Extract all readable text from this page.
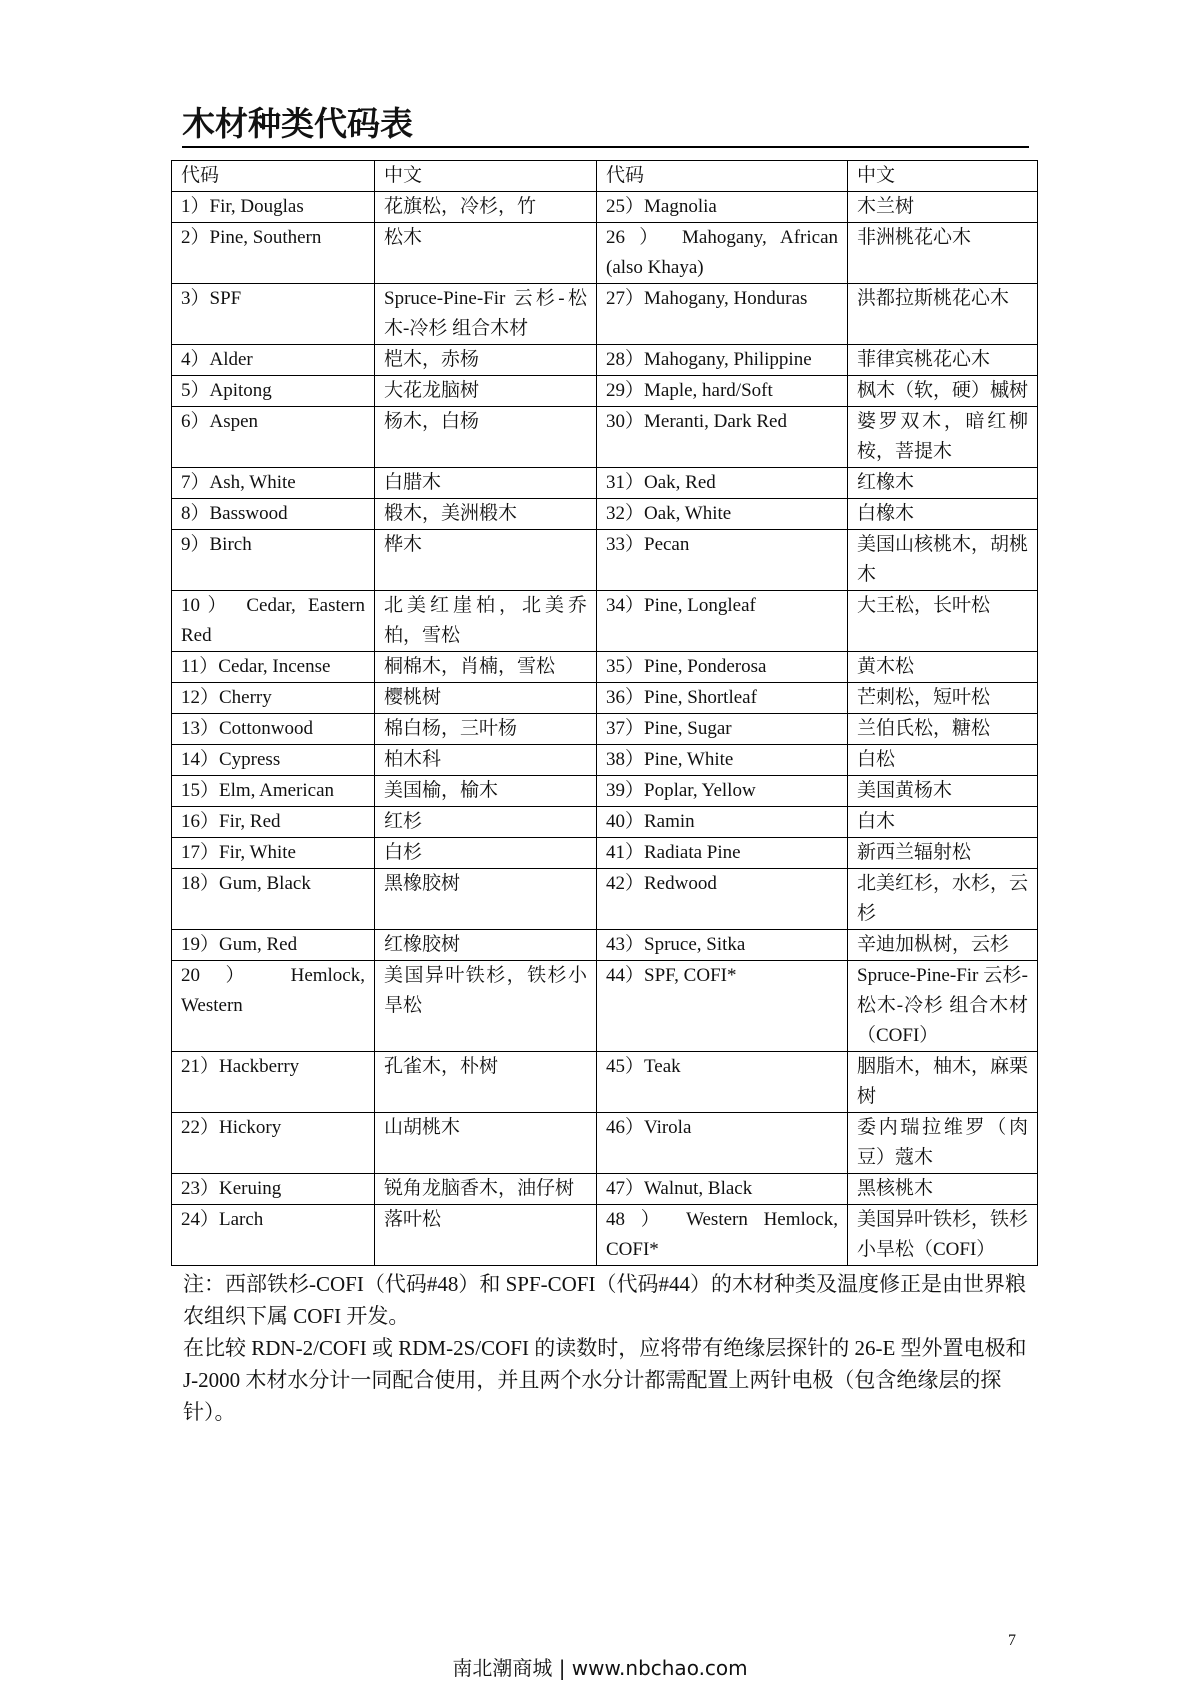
木材种类代码表
代码	中文	代码	中文
1）Fir, Douglas	花旗松，冷杉，竹	25）Magnolia	木兰树
2）Pine, Southern	松木	26 ） Mahogany, African (also Khaya)	非洲桃花心木
3）SPF	Spruce-Pine-Fir 云杉-松木-冷杉 组合木材	27）Mahogany, Honduras	洪都拉斯桃花心木
4）Alder	桤木，赤杨	28）Mahogany, Philippine	菲律宾桃花心木
5）Apitong	大花龙脑树	29）Maple, hard/Soft	枫木（软，硬）槭树
6）Aspen	杨木，白杨	30）Meranti, Dark Red	婆罗双木，暗红柳桉，菩提木
7）Ash, White	白腊木	31）Oak, Red	红橡木
8）Basswood	椴木，美洲椴木	32）Oak, White	白橡木
9）Birch	桦木	33）Pecan	美国山核桃木，胡桃木
10） Cedar, Eastern Red	北美红崖柏，北美乔柏，雪松	34）Pine, Longleaf	大王松，长叶松
11）Cedar, Incense	桐棉木，肖楠，雪松	35）Pine, Ponderosa	黄木松
12）Cherry	樱桃树	36）Pine, Shortleaf	芒刺松，短叶松
13）Cottonwood	棉白杨，三叶杨	37）Pine, Sugar	兰伯氏松，糖松
14）Cypress	柏木科	38）Pine, White	白松
15）Elm, American	美国榆，榆木	39）Poplar, Yellow	美国黄杨木
16）Fir, Red	红杉	40）Ramin	白木
17）Fir, White	白杉	41）Radiata Pine	新西兰辐射松
18）Gum, Black	黑橡胶树	42）Redwood	北美红杉，水杉，云杉
19）Gum, Red	红橡胶树	43）Spruce, Sitka	辛迪加枞树，云杉
20 ） Hemlock, Western	美国异叶铁杉，铁杉小旱松	44）SPF, COFI*	Spruce-Pine-Fir 云杉-松木-冷杉 组合木材（COFI）
21）Hackberry	孔雀木，朴树	45）Teak	胭脂木，柚木，麻栗树
22）Hickory	山胡桃木	46）Virola	委内瑞拉维罗（肉豆）蔻木
23）Keruing	锐角龙脑香木，油仔树	47）Walnut, Black	黑核桃木
24）Larch	落叶松	48 ） Western Hemlock, COFI*	美国异叶铁杉，铁杉小旱松（COFI）
注：西部铁杉-COFI（代码#48）和 SPF-COFI（代码#44）的木材种类及温度修正是由世界粮农组织下属 COFI 开发。
在比较 RDN-2/COFI 或 RDM-2S/COFI 的读数时，应将带有绝缘层探针的 26-E 型外置电极和 J-2000 木材水分计一同配合使用，并且两个水分计都需配置上两针电极（包含绝缘层的探针）。
7
南北潮商城 | www.nbchao.com
